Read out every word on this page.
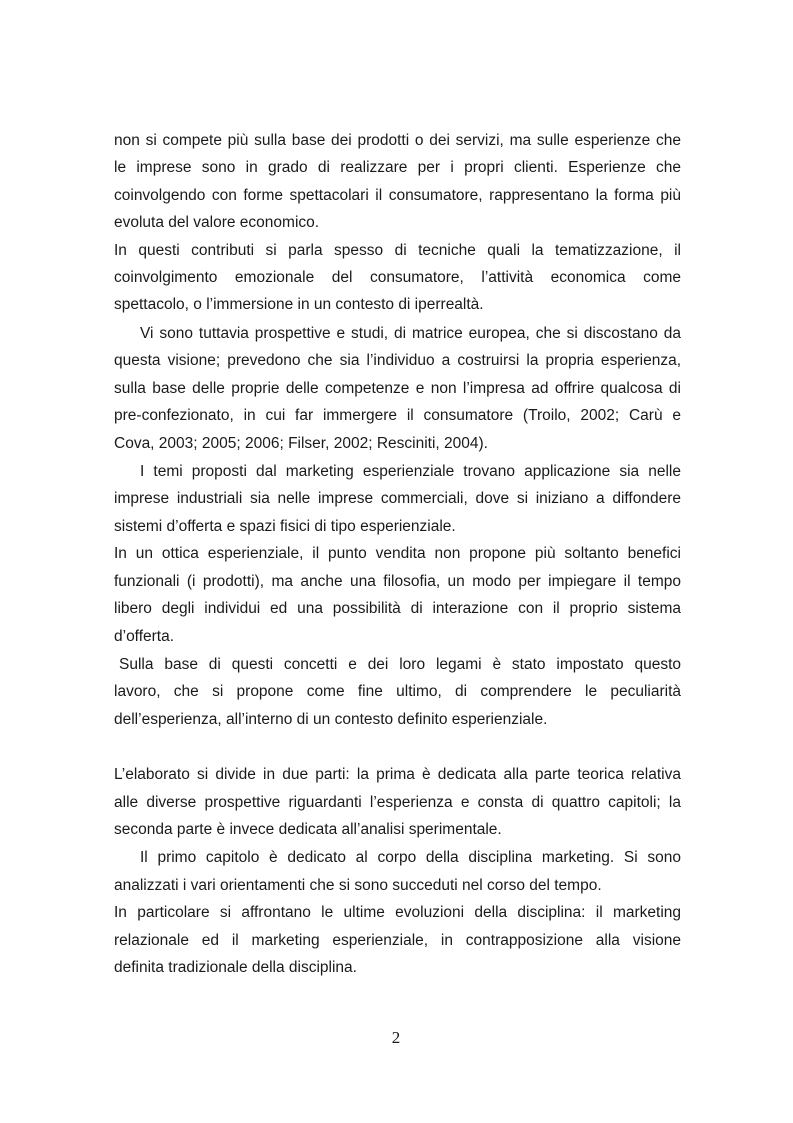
non si compete più sulla base dei prodotti o dei servizi, ma sulle esperienze che
le imprese sono in grado di realizzare per i propri clienti. Esperienze che
coinvolgendo con forme spettacolari il consumatore, rappresentano la forma più
evoluta del valore economico.
In questi contributi si parla spesso di tecniche quali la tematizzazione, il
coinvolgimento emozionale del consumatore, l’attività economica come
spettacolo, o l’immersione in un contesto di iperrealtà.
Vi sono tuttavia prospettive e studi, di matrice europea, che si discostano da
questa visione; prevedono che sia l’individuo a costruirsi la propria esperienza,
sulla base delle proprie delle competenze e non l’impresa ad offrire qualcosa di
pre-confezionato, in cui far immergere il consumatore (Troilo, 2002; Carù e
Cova, 2003; 2005; 2006; Filser, 2002; Resciniti, 2004).
I temi proposti dal marketing esperienziale trovano applicazione sia nelle
imprese industriali sia nelle imprese commerciali, dove si iniziano a diffondere
sistemi d’offerta e spazi fisici di tipo esperienziale.
In un ottica esperienziale, il punto vendita non propone più soltanto benefici
funzionali (i prodotti), ma anche una filosofia, un modo per impiegare il tempo
libero degli individui ed una possibilità di interazione con il proprio sistema
d’offerta.
Sulla base di questi concetti e dei loro legami è stato impostato questo
lavoro, che si propone come fine ultimo, di comprendere le peculiarità
dell’esperienza, all’interno di un contesto definito esperienziale.
L’elaborato si divide in due parti: la prima è dedicata alla parte teorica relativa
alle diverse prospettive riguardanti l’esperienza e consta di quattro capitoli; la
seconda parte è invece dedicata all’analisi sperimentale.
Il primo capitolo è dedicato al corpo della disciplina marketing. Si sono
analizzati i vari orientamenti che si sono succeduti nel corso del tempo.
In particolare si affrontano le ultime evoluzioni della disciplina: il marketing
relazionale ed il marketing esperienziale, in contrapposizione alla visione
definita tradizionale della disciplina.
2
